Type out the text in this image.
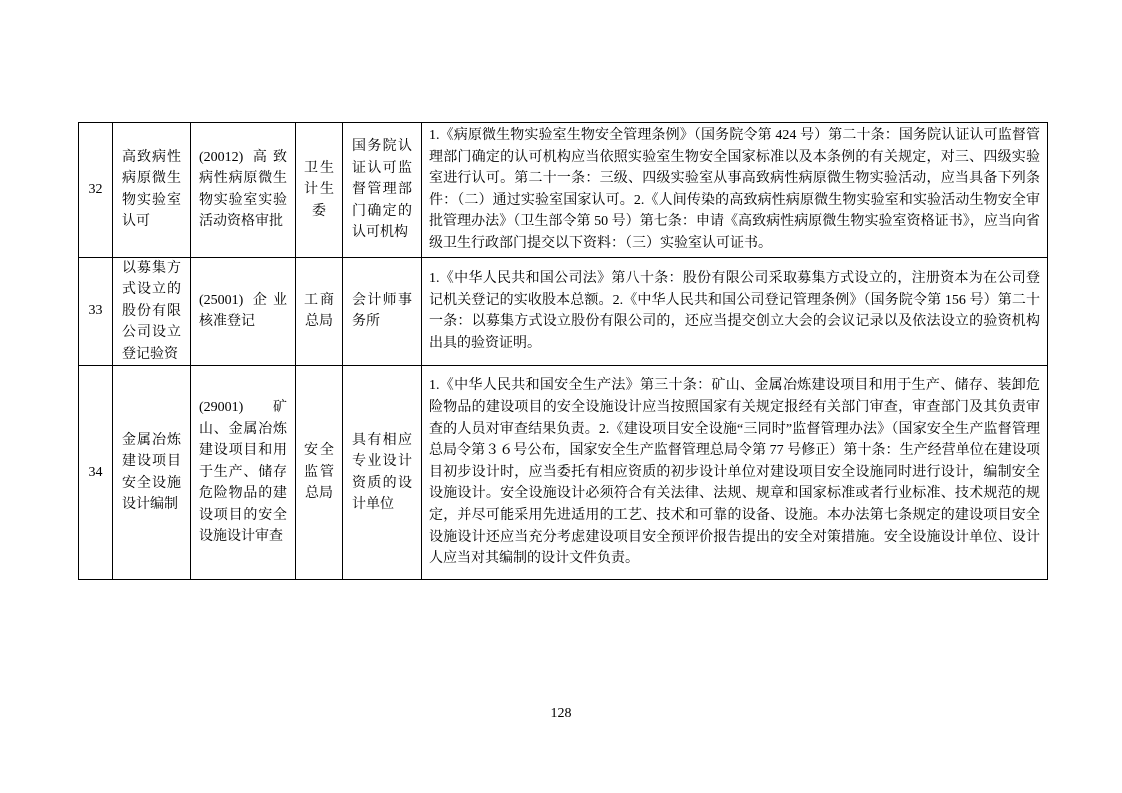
32	高致病性病原微生物实验室认可	(20012) 高致病性病原微生物实验室实验活动资格审批	卫生计生委	国务院认证认可监督管理部门确定的认可机构	1.《病原微生物实验室生物安全管理条例》（国务院令第 424 号）第二十条：国务院认证认可监督管理部门确定的认可机构应当依照实验室生物安全国家标准以及本条例的有关规定，对三、四级实验室进行认可。第二十一条：三级、四级实验室从事高致病性病原微生物实验活动，应当具备下列条件：（二）通过实验室国家认可。2.《人间传染的高致病性病原微生物实验室和实验活动生物安全审批管理办法》（卫生部令第 50 号）第七条：申请《高致病性病原微生物实验室资格证书》，应当向省级卫生行政部门提交以下资料：（三）实验室认可证书。
33	以募集方式设立的股份有限公司设立登记验资	(25001) 企业核准登记	工商总局	会计师事务所	1.《中华人民共和国公司法》第八十条：股份有限公司采取募集方式设立的，注册资本为在公司登记机关登记的实收股本总额。2.《中华人民共和国公司登记管理条例》（国务院令第 156 号）第二十一条：以募集方式设立股份有限公司的，还应当提交创立大会的会议记录以及依法设立的验资机构出具的验资证明。
34	金属冶炼建设项目安全设施设计编制	(29001) 矿山、金属冶炼建设项目和用于生产、储存危险物品的建设项目的安全设施设计审查	安全监管总局	具有相应专业设计资质的设计单位	1.《中华人民共和国安全生产法》第三十条：矿山、金属冶炼建设项目和用于生产、储存、装卸危险物品的建设项目的安全设施设计应当按照国家有关规定报经有关部门审查，审查部门及其负责审查的人员对审查结果负责。2.《建设项目安全设施“三同时”监督管理办法》（国家安全生产监督管理总局令第３６号公布，国家安全生产监督管理总局令第 77 号修正）第十条：生产经营单位在建设项目初步设计时，应当委托有相应资质的初步设计单位对建设项目安全设施同时进行设计，编制安全设施设计。安全设施设计必须符合有关法律、法规、规章和国家标准或者行业标准、技术规范的规定，并尽可能采用先进适用的工艺、技术和可靠的设备、设施。本办法第七条规定的建设项目安全设施设计还应当充分考虑建设项目安全预评价报告提出的安全对策措施。安全设施设计单位、设计人应当对其编制的设计文件负责。
128
